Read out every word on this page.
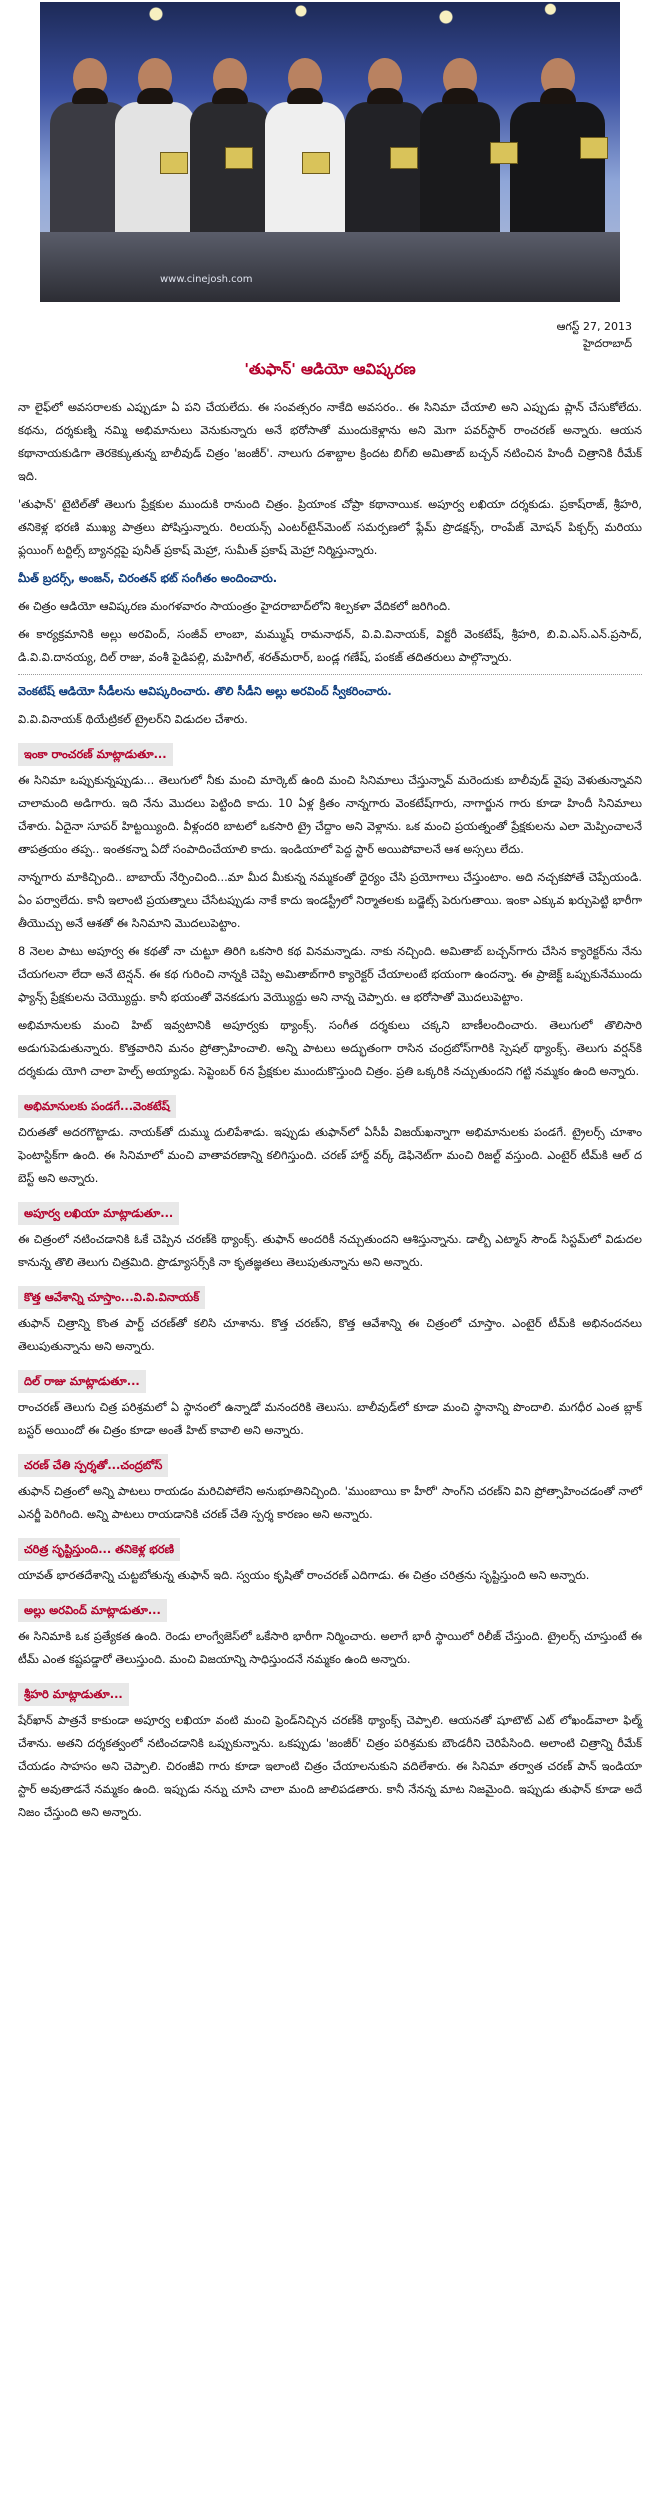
www.cinejosh.com
ఆగస్ట్ 27, 2013
హైదరాబాద్
'తుఫాన్' ఆడియో ఆవిష్కరణ

నా లైఫ్‌లో అవసరాలకు ఎప్పుడూ ఏ పని చేయలేదు. ఈ సంవత్సరం నాకేది అవసరం.. ఈ సినిమా చేయాలి అని ఎప్పుడు ప్లాన్ చేసుకోలేదు. కథను, దర్శకుణ్ని నమ్మి అభిమానులు వెనుకున్నారు అనే భరోసాతో ముందుకెళ్లాను అని మెగా పవర్‌స్టార్ రాంచరణ్ అన్నారు. ఆయన కథానాయకుడిగా తెరకెక్కుతున్న బాలీవుడ్ చిత్రం 'జంజీర్'. నాలుగు దశాబ్దాల క్రిందట బిగ్‌బి అమితాబ్ బచ్చన్ నటించిన హిందీ చిత్రానికి రీమేక్ ఇది.

'తుఫాన్' టైటిల్‌తో తెలుగు ప్రేక్షకుల ముందుకి రానుంది చిత్రం. ప్రియాంక చోప్రా కథానాయిక. అపూర్వ లఖియా దర్శకుడు. ప్రకాష్‌రాజ్, శ్రీహరి, తనికెళ్ల భరణి ముఖ్య పాత్రలు పోషిస్తున్నారు. రిలయన్స్ ఎంటర్‌టైన్‌మెంట్ సమర్పణలో ఫ్లేమ్ ప్రొడక్షన్స్, రాంపేజ్ మోషన్ పిక్చర్స్ మరియు ఫ్లయింగ్ టర్టిల్స్ బ్యానర్లపై పునీత్ ప్రకాష్ మెహ్రా, సుమీత్ ప్రకాష్ మెహ్రా నిర్మిస్తున్నారు.

మీత్ బ్రదర్స్, అంజన్, చిరంతన్ భట్ సంగీతం అందించారు.

ఈ చిత్రం ఆడియో ఆవిష్కరణ మంగళవారం సాయంత్రం హైదరాబాద్‌లోని శిల్పకళా వేదికలో జరిగింది.

ఈ కార్యక్రమానికి అల్లు అరవింద్, సంజీవ్ లాంబా, మమ్ముష్ రామనాథన్, వి.వి.వినాయక్, విక్టరీ వెంకటేష్, శ్రీహరి, బి.వి.ఎస్.ఎన్.ప్రసాద్, డి.వి.వి.దానయ్య, దిల్ రాజు, వంశీ పైడిపల్లి, మహిగిల్, శరత్‌మరార్, బండ్ల గణేష్, పంకజ్ తదితరులు పాల్గొన్నారు.

వెంకటేష్ ఆడియో సీడీలను ఆవిష్కరించారు. తొలి సీడీని అల్లు అరవింద్ స్వీకరించారు.

వి.వి.వినాయక్ థియేట్రికల్ ట్రైలర్‌ని విడుదల చేశారు.

ఇంకా రాంచరణ్ మాట్లాడుతూ...

ఈ సినిమా ఒప్పుకున్నప్పుడు... తెలుగులో నీకు మంచి మార్కెట్ ఉంది మంచి సినిమాలు చేస్తున్నావ్ మరెందుకు బాలీవుడ్ వైపు వెళుతున్నావని చాలామంది అడిగారు. ఇది నేను మొదలు పెట్టింది కాదు. 10 ఏళ్ల క్రితం నాన్నగారు వెంకటేష్‌గారు, నాగార్జున గారు కూడా హిందీ సినిమాలు చేశారు. ఏదైనా సూపర్ హిట్టయ్యింది. వీళ్లందరి బాటలో ఒకసారి ట్రై చేద్దాం అని వెళ్లాను. ఒక మంచి ప్రయత్నంతో ప్రేక్షకులను ఎలా మెప్పించాలనే తాపత్రయం తప్ప.. ఇంతకన్నా ఏదో సంపాదించేయాలి కాదు. ఇండియాలో పెద్ద స్టార్ అయిపోవాలనే ఆశ అస్సలు లేదు.

నాన్నగారు మాకిచ్చింది.. బాబాయ్ నేర్పించింది...మా మీద మీకున్న నమ్మకంతో ధైర్యం చేసి ప్రయోగాలు చేస్తుంటాం. అది నచ్చకపోతే చెప్పేయండి. ఏం పర్వాలేదు. కానీ ఇలాంటి ప్రయత్నాలు చేసేటప్పుడు నాకే కాదు ఇండస్ట్రీలో నిర్మాతలకు బడ్జెట్స్ పెరుగుతాయి. ఇంకా ఎక్కువ ఖర్చుపెట్టి భారీగా తీయొచ్చు అనే ఆశతో ఈ సినిమాని మొదలుపెట్టాం.

8 నెలల పాటు అపూర్వ ఈ కథతో నా చుట్టూ తిరిగి ఒకసారి కథ వినమన్నాడు. నాకు నచ్చింది. అమితాబ్ బచ్చన్‌గారు చేసిన క్యారెక్టర్‌ను నేను చేయగలనా లేదా అనే టెన్షన్. ఈ కథ గురించి నాన్నకి చెప్పి అమితాబ్‌గారి క్యారెక్టర్ చేయాలంటే భయంగా ఉందన్నా. ఈ ప్రాజెక్ట్ ఒప్పుకునేముందు ఫ్యాన్స్ ప్రేక్షకులను చెయ్యొద్దు. కానీ భయంతో వెనకడుగు వెయ్యొద్దు అని నాన్న చెప్పారు. ఆ భరోసాతో మొదలుపెట్టాం.

అభిమానులకు మంచి హిట్ ఇవ్వటానికి అపూర్వకు థ్యాంక్స్. సంగీత దర్శకులు చక్కని బాణీలందించారు. తెలుగులో తొలిసారి అడుగుపెడుతున్నారు. కొత్తవారిని మనం ప్రోత్సాహించాలి. అన్ని పాటలు అద్భుతంగా రాసిన చంద్రబోస్‌గారికి స్పెషల్ థ్యాంక్స్. తెలుగు వర్షన్‌కి దర్శకుడు యోగి చాలా హెల్ప్ అయ్యాడు. సెప్టెంబర్ 6న ప్రేక్షకుల ముందుకొస్తుంది చిత్రం. ప్రతి ఒక్కరికి నచ్చుతుందని గట్టి నమ్మకం ఉంది అన్నారు.

అభిమానులకు పండగే...వెంకటేష్

చిరుతతో అదరగొట్టాడు. నాయక్‌తో దుమ్ము దులిపేశాడు. ఇప్పుడు తుఫాన్‌లో ఏసీపీ విజయ్‌ఖన్నాగా అభిమానులకు పండగే. ట్రైలర్స్ చూశాం ఫెంటాస్టిక్‌గా ఉంది. ఈ సినిమాలో మంచి వాతావరణాన్ని కలిగిస్తుంది. చరణ్ హార్డ్ వర్క్ డెఫినెట్‌గా మంచి రిజల్ట్ వస్తుంది. ఎంటైర్ టీమ్‌కి ఆల్ ద బెస్ట్ అని అన్నారు.

అపూర్వ లఖియా మాట్లాడుతూ...

ఈ చిత్రంలో నటించడానికి ఓకే చెప్పిన చరణ్‌కి థ్యాంక్స్. తుఫాన్ అందరికీ నచ్చుతుందని ఆశిస్తున్నాను. డాల్బీ ఎట్మాస్ సౌండ్ సిస్టమ్‌లో విడుదల కానున్న తొలి తెలుగు చిత్రమిది. ప్రొడ్యూసర్స్‌కి నా కృతజ్ఞతలు తెలుపుతున్నాను అని అన్నారు.

కొత్త ఆవేశాన్ని చూస్తాం...వి.వి.వినాయక్

తుఫాన్ చిత్రాన్ని కొంత పార్ట్ చరణ్‌తో కలిసి చూశాను. కొత్త చరణ్‌ని, కొత్త ఆవేశాన్ని ఈ చిత్రంలో చూస్తాం. ఎంటైర్ టీమ్‌కి అభినందనలు తెలుపుతున్నాను అని అన్నారు.

దిల్ రాజు మాట్లాడుతూ...

రాంచరణ్ తెలుగు చిత్ర పరిశ్రమలో ఏ స్థానంలో ఉన్నాడో మనందరికి తెలుసు. బాలీవుడ్‌లో కూడా మంచి స్థానాన్ని పొందాలి. మగధీర ఎంత బ్లాక్ బస్టర్ అయిందో ఈ చిత్రం కూడా అంతే హిట్ కావాలి అని అన్నారు.

చరణ్ చేతి స్పర్శతో...చంద్రబోస్

తుఫాన్ చిత్రంలో అన్ని పాటలు రాయడం మరిచిపోలేని అనుభూతినిచ్చింది. 'ముంబాయి కా హీరో' సాంగ్‌ని చరణ్‌ని విని ప్రోత్సాహించడంతో నాలో ఎనర్జీ పెరిగింది. అన్ని పాటలు రాయడానికి చరణ్ చేతి స్పర్శ కారణం అని అన్నారు.

చరిత్ర సృష్టిస్తుంది... తనికెళ్ల భరణి

యావత్ భారతదేశాన్ని చుట్టబోతున్న తుఫాన్ ఇది. స్వయం కృషితో రాంచరణ్ ఎదిగాడు. ఈ చిత్రం చరిత్రను సృష్టిస్తుంది అని అన్నారు.

అల్లు అరవింద్ మాట్లాడుతూ...

ఈ సినిమాకి ఒక ప్రత్యేకత ఉంది. రెండు లాంగ్వేజెస్‌లో ఒకేసారి భారీగా నిర్మించారు. అలాగే భారీ స్థాయిలో రిలీజ్ చేస్తుంది. ట్రైలర్స్ చూస్తుంటే ఈ టీమ్ ఎంత కష్టపడ్డారో తెలుస్తుంది. మంచి విజయాన్ని సాధిస్తుందనే నమ్మకం ఉంది అన్నారు.

శ్రీహరి మాట్లాడుతూ...

షేర్‌ఖాన్ పాత్రనే కాకుండా అపూర్వ లఖియా వంటి మంచి ఫ్రెండ్‌నిచ్చిన చరణ్‌కి థ్యాంక్స్ చెప్పాలి. ఆయనతో షూటౌట్ ఎట్ లోఖండ్‌వాలా ఫిల్మ్ చేశాను. అతని దర్శకత్వంలో నటించడానికి ఒప్పుకున్నాను. ఒకప్పుడు 'జంజీర్' చిత్రం పరిశ్రమకు బౌండరీని చెరిపేసింది. అలాంటి చిత్రాన్ని రీమేక్ చేయడం సాహసం అని చెప్పాలి. చిరంజీవి గారు కూడా ఇలాంటి చిత్రం చేయాలనుకుని వదిలేశారు. ఈ సినిమా తర్వాత చరణ్ పాన్ ఇండియా స్టార్ అవుతాడనే నమ్మకం ఉంది. ఇప్పుడు నన్ను చూసి చాలా మంది జాలిపడతారు. కానీ నేనన్న మాట నిజమైంది. ఇప్పుడు తుఫాన్ కూడా అదే నిజం చేస్తుంది అని అన్నారు.
